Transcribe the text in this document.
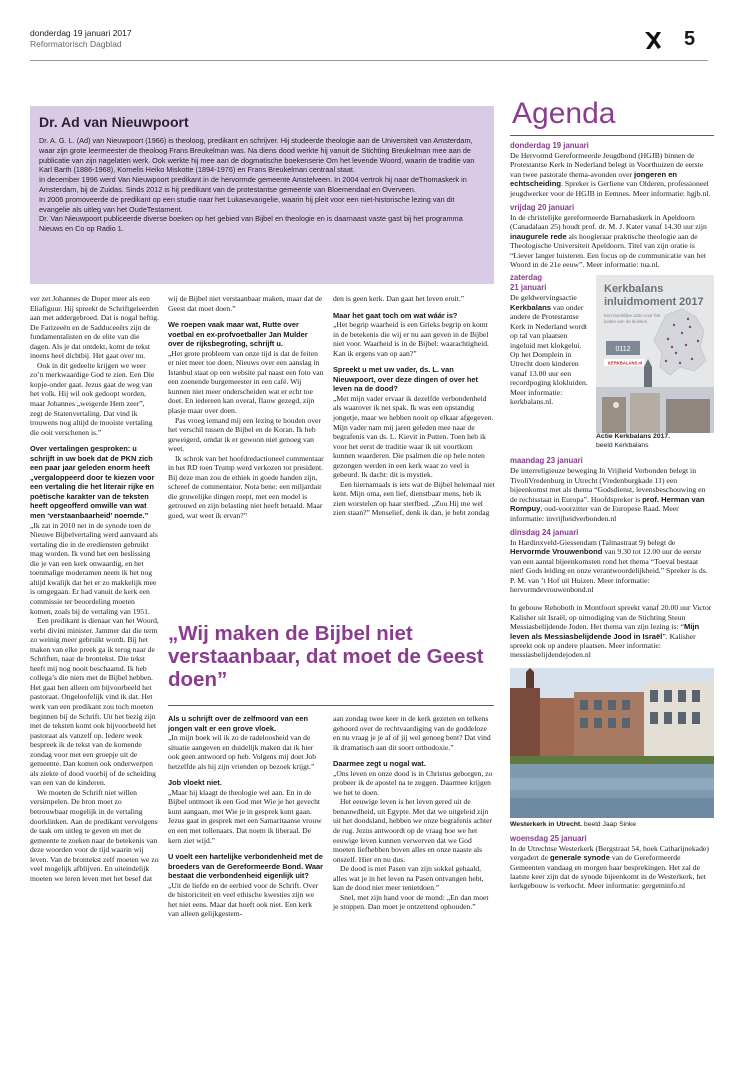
donderdag 19 januari 2017
Reformatorisch Dagblad	5
Dr. Ad van Nieuwpoort

Dr. A. G. L. (Ad) van Nieuwpoort (1966) is theoloog, predikant en schrijver. Hij studeerde theologie aan de Universiteit van Amsterdam, waar zijn grote leermeester de theoloog Frans Breukelman was. Na diens dood werkte hij vanuit de Stichting Breukelman mee aan de publicatie van zijn nagelaten werk. Ook werkte hij mee aan de dogmatische boekenserie Om het levende Woord, waarin de traditie van Karl Barth (1886-1968), Kornelis Heiko Miskotte (1894-1976) en Frans Breukelman centraal staat.

In december 1996 werd Van Nieuwpoort predikant in de hervormde gemeente Amstelveen. In 2004 vertrok hij naar deThomaskerk in Amsterdam, bij de Zuidas. Sinds 2012 is hij predikant van de protestantse gemeente van Bloemendaal en Overveen.

In 2006 promoveerde de predikant op een studie naar het Lukasevangelie, waarin hij pleit voor een niet-historische lezing van dit evangelie als uitleg van het OudeTestament.

Dr. Van Nieuwpoort publiceerde diverse boeken op het gebied van Bijbel en theologie en is daarnaast vaste gast bij het programma Nieuws en Co op Radio 1.

ver zet Johannes de Doper meer als een Eliafiguur. Hij spreekt de Schriftgeleerden aan met addergebroed. Dat is nogal heftig. De Farizeeën en de Sadduceeërs zijn de fundamentalisten en de elite van die dagen. Als je dat ontdekt, komt de tekst ineens heel dichtbij. Het gaat over nu.

Ook in dit gedeelte krijgen we weer zo’n merkwaardige God te zien. Een Die kopje-onder gaat. Jezus gaat de weg van het volk. Hij wil ook gedoopt worden, maar Johannes „weigerde Hem zeer”, zegt de Statenvertaling. Dat vind ik trouwens nog altijd de mooiste vertaling die ooit verschenen is.”

Over vertalingen gesproken: u schrijft in uw boek dat de PKN zich een paar jaar geleden enorm heeft „vergaloppeerd door te kiezen voor een vertaling die het literair rijke en poëtische karakter van de teksten heeft opgeofferd omwille van wat men ‘verstaanbaarheid’ noemde.”

„Ik zat in 2010 net in de synode toen de Nieuwe Bijbelvertaling werd aanvaard als vertaling die in de erediensten gebruikt mag worden. Ik vond het een beslissing die je van een kerk onwaardig, en het toenmalige moderamen neem ik het nog altijd kwalijk dat het er zo makkelijk mee is omgegaan. Er had vanuit de kerk een commissie ter beoordeling moeten komen, zoals bij de vertaling van 1951.

Een predikant is dienaar van het Woord, verbi divini minister. Jammer dat die term zo weinig meer gebruikt wordt. Bij het maken van elke preek ga ik terug naar de Schriften, naar de brontekst. Die tekst heeft mij nog nooit beschaamd. Ik heb collega’s die niets met de Bijbel hebben. Het gaat hen alleen om bijvoorbeeld het pastoraat. Ongeloofelijk vind ik dat. Het werk van een predikant zou toch moeten beginnen bij de Schrift. Uit het bezig zijn met de teksten komt ook bijvoorbeeld het pastoraat als vanzelf op. Iedere week bespreek ik de tekst van de komende zondag voor met een groepje uit de gemeente. Dan komen ook onderwerpen als ziekte of dood voorbij of de scheiding van een van de kinderen.

We moeten de Schrift niet willen versimpelen. De bron moet zo betrouwbaar mogelijk in de vertaling doorklinken. Aan de predikant vervolgens de taak om uitleg te geven en met de gemeente te zoeken naar de betekenis van deze woorden voor de tijd waarin wij leven. Van de brontekst zelf moeten we zo veel mogelijk afblijven. En uiteindelijk moeten we leren leven met het besef dat

wij de Bijbel niet verstaanbaar maken, maar dat de Geest dat moet doen.”

We roepen vaak maar wat, Rutte over voetbal en ex-profvoetballer Jan Mulder over de rijksbegroting, schrijft u.

„Het grote probleem van onze tijd is dat de feiten er niet meer toe doen. Nieuws over een aanslag in Istanbul staat op een website pal naast een foto van een zoenende burgemeester in een café. Wij kunnen niet meer onderscheiden wat er echt toe doet. En iedereen kan overal, flauw gezegd, zijn plasje maar over doen.

Pas vroeg iemand mij een lezing te houden over het verschil tussen de Bijbel en de Koran. Ik heb geweigerd, omdat ik er gewoon niet genoeg van weet.

Ik schrok van het hoofdredactioneel commentaar in het RD toen Trump werd verkozen tot president. Bij deze man zou de ethiek in goede handen zijn, schreef de commentator. Nota bene: een miljardair die gruwelijke dingen roept, met een model is getrouwd en zijn belasting niet heeft betaald. Maar goed, wat weet ik ervan?”

den is geen kerk. Dan gaat het leven eruit.”

Maar het gaat toch om wat wáár is?

„Het begrip waarheid is een Grieks begrip en komt in de betekenis die wij er nu aan geven in de Bijbel niet voor. Waarheid is in de Bijbel: waarachtigheid. Kan ik ergens van op aan?”

Spreekt u met uw vader, ds. L. van Nieuwpoort, over deze dingen of over het leven na de dood?

„Met mijn vader ervaar ik dezelfde verbondenheid als waarover ik net spak. Ik was een opstandig jongetje, maar we hebben nooit op elkaar afgegeven. Mijn vader nam mij jaren geleden mee naar de begrafenis van ds. L. Kievit in Putten. Toen heb ik voor het eerst de traditie waar ik uit voortkom kunnen waarderen. Die psalmen die op hele noten gezongen werden in een kerk waar zo veel is gebeurd. Ik dacht: dit is mystiek.

Een hiernamaals is iets wat de Bijbel helemaal niet kent. Mijn oma, een lief, dienstbaar mens, heb ik zien worstelen op haar sterfbed. „Zou Hij me wel zien staan?” Menselief, denk ik dan, je hebt zondag

„Wij maken de Bijbel niet verstaanbaar, dat moet de Geest doen”

Als u schrijft over de zelfmoord van een jongen valt er een grove vloek.

„In mijn boek wil ik zo de radeloosheid van de situatie aangeven en duidelijk maken dat ik hier ook geen antwoord op heb. Volgens mij doet Job hetzelfde als hij zijn vrienden op bezoek krijgt.”

Job vloekt niet.

„Maar hij klaagt de theologie wel aan. En in de Bijbel ontmoet ik een God met Wie je het gevecht kunt aangaan, met Wie je in gesprek kunt gaan. Jezus gaat in gesprek met een Samaritaanse vrouw en een met tollenaars. Dat noem ik liberaal. De kern ziet wijd.”

U voelt een hartelijke verbondenheid met de broeders van de Gereformeerde Bond. Waar bestaat die verbondenheid eigenlijk uit?

„Uit de liefde en de eerbied voor de Schrift. Over de historiciteit en veel ethische kwesties zijn we het niet eens. Maar dat hoeft ook niet. Een kerk van alleen gelijkgestem-

aan zondag twee keer in de kerk gezeten en telkens gehoord over de rechtvaardiging van de goddeloze en nu vraag je je af of jij wel genoeg bent? Dat vind ik dramatisch aan dit soort orthodoxie.”

Daarmee zegt u nogal wat.

„Ons leven en onze dood is in Christus geborgen, zo probeer ik de apostel na te zeggen. Daarmee krijgen we het te doen.

Het eeuwige leven is het leven gered uit de benauwdheid, uit Egypte. Met dat we uitgeleid zijn uit het doodsland, hebben we onze begrafenis achter de rug. Jezus antwoordt op de vraag hoe we het eeuwige leven kunnen verwerven dat we God moeten liefhebben boven alles en onze naaste als onszelf. Hier en nu dus.

De dood is met Pasen van zijn sokkel gehaald, alles wat je in het leven na Pasen ontvangen hebt, kan de dood niet meer tenietdoen.”

Snel, met zijn hand voor de mond: „En dan moet je stoppen. Dan moet je ontzettend ophouden.”

Agenda
donderdag 19 januari

De Hervormd Gereformeerde Jeugdbond (HGJB) binnen de Protestantse Kerk in Nederland belegt in Voorthuizen de eerste van twee pastorale thema-avonden over jongeren en echtscheiding. Spreker is Gerliene van Olderen, professioneel jeugdwerker voor de HGJB in Eemnes. Meer informatie: hgjb.nl.

vrijdag 20 januari

In de christelijke gereformeerde Barnabaskerk in Apeldoorn (Canadalaan 25) houdt prof. dr. M. J. Kater vanaf 14.30 uur zijn inaugurele rede als hoogleraar praktische theologie aan de Theologische Universiteit Apeldoorn. Titel van zijn oratie is “Liever langer luisteren. Een focus op de communicatie van het Woord in de 21e eeuw”. Meer informatie: tua.nl.

zaterdag
21 januari

De geldwervingsactie Kerkbalans van onder andere de Protestantse Kerk in Nederland wordt op tal van plaatsen ingeluid met klokgelui. Op het Domplein in Utrecht doen kinderen vanaf 13.00 uur een recordpoging klokluiden. Meer informatie: kerkbalans.nl.

Kerkbalans
inluidmoment 2017
Een landelijke actie voor het luiden van de klokken
0112
KERKBALANS.nl
Actie Kerkbalans 2017.
beeld Kerkbalans
maandag 23 januari

De interreligieuze beweging In Vrijheid Verbonden belegt in TivoliVredenburg in Utrecht (Vredenburgkade 11) een bijeenkomst met als thema “Godsdienst, levensbeschouwing en de rechtsstaat in Europa”. Hoofdspreker is prof. Herman van Rompuy, oud-voorzitter van de Europese Raad. Meer informatie: invrijheidverbonden.nl

dinsdag 24 januari

In Hardinxveld-Giessendam (Talmastraat 9) belegt de Hervormde Vrouwenbond van 9.30 tot 12.00 uur de eerste van een aantal bijeenkomsten rond het thema “Toeval bestaat niet! Gods leiding en onze verantwoordelijkheid.” Spreker is ds. P. M. van ’t Hof uit Huizen. Meer informatie: hervormdevrouwenbond.nl

In gebouw Rehoboth in Montfoort spreekt vanaf 20.00 uur Victor Kalisher uit Israël, op uitnodiging van de Stichting Steun Messiasbelijdende Joden. Het thema van zijn lezing is: “Mijn leven als Messiasbelijdende Jood in Israël”. Kalisher spreekt ook op andere plaatsen. Meer informatie: messiasbelijdendejoden.nl

Westerkerk in Utrecht. beeld Jaap Sinke
woensdag 25 januari

In de Utrechtse Westerkerk (Bergstraat 54, hoek Catharijnekade) vergadert de generale synode van de Gereformeerde Gemeenten vandaag en morgen haar besprekingen. Het zal de laatste keer zijn dat de synode bijeenkomt in de Westerkerk, het kerkgebouw is verkocht. Meer informatie: gergeminfo.nl
